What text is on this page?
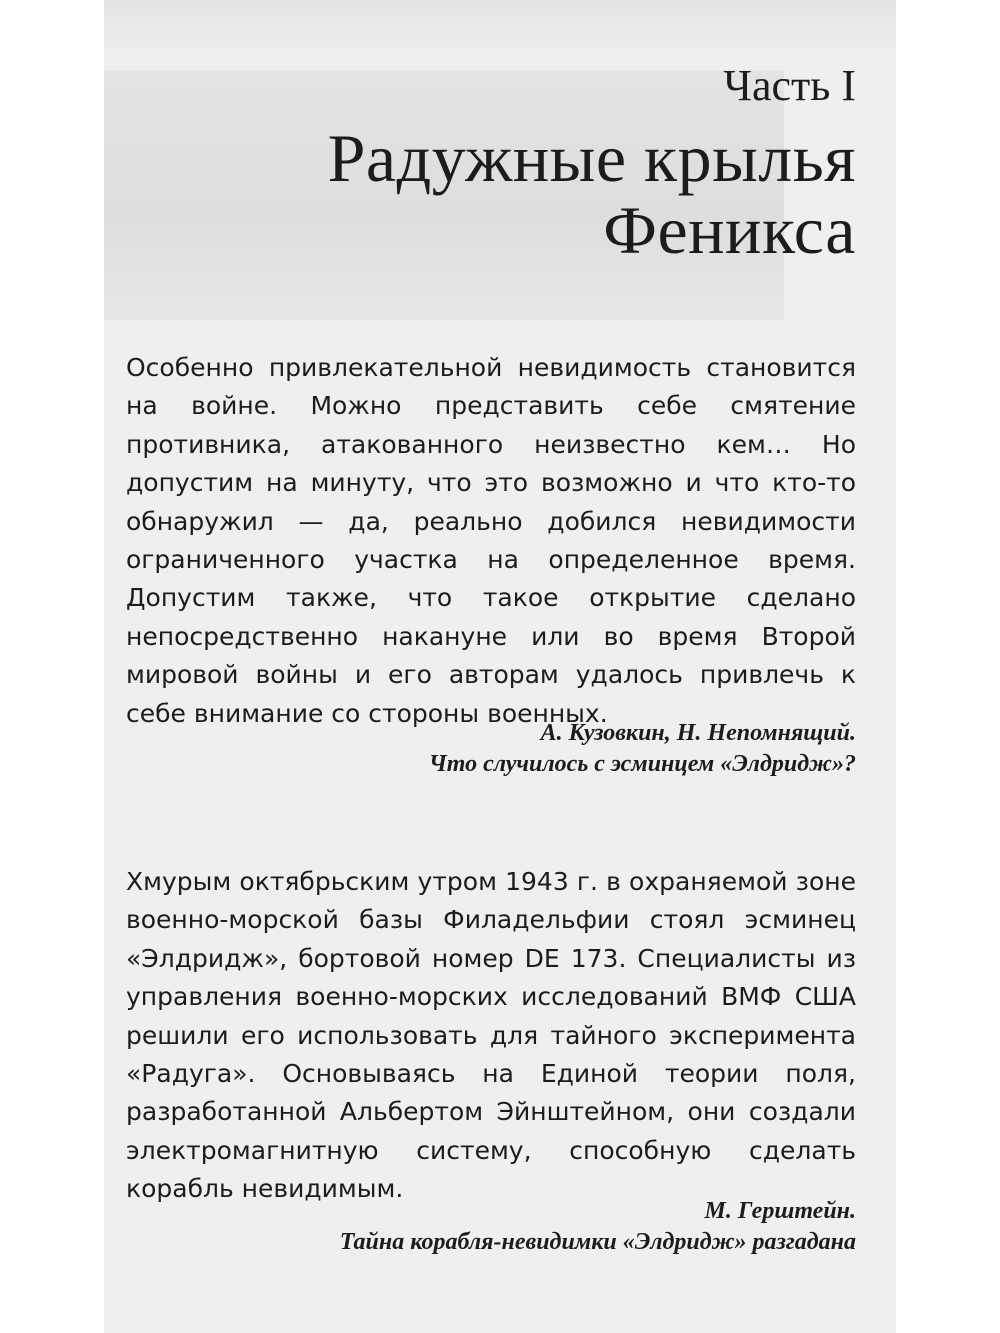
Часть I
Радужные крылья
Феникса

Особенно привлекательной невидимость становится на войне. Можно представить себе смятение противника, атакованного неизвестно кем… Но допустим на минуту, что это возможно и что кто-то обнаружил — да, реально добился невидимости ограниченного участка на определенное время. Допустим также, что такое открытие сделано непосредственно накануне или во время Второй мировой войны и его авторам удалось привлечь к себе внимание со стороны военных.

А. Кузовкин, Н. Непомнящий.
Что случилось с эсминцем «Элдридж»?

Хмурым октябрьским утром 1943 г. в охраняемой зоне военно-морской базы Филадельфии стоял эсминец «Элдридж», бортовой номер DE 173. Специалисты из управления военно-морских исследований ВМФ США решили его использовать для тайного эксперимента «Радуга». Основываясь на Единой теории поля, разработанной Альбертом Эйнштейном, они создали электромагнитную систему, способную сделать корабль невидимым.

М. Герштейн.
Тайна корабля-невидимки «Элдридж» разгадана
